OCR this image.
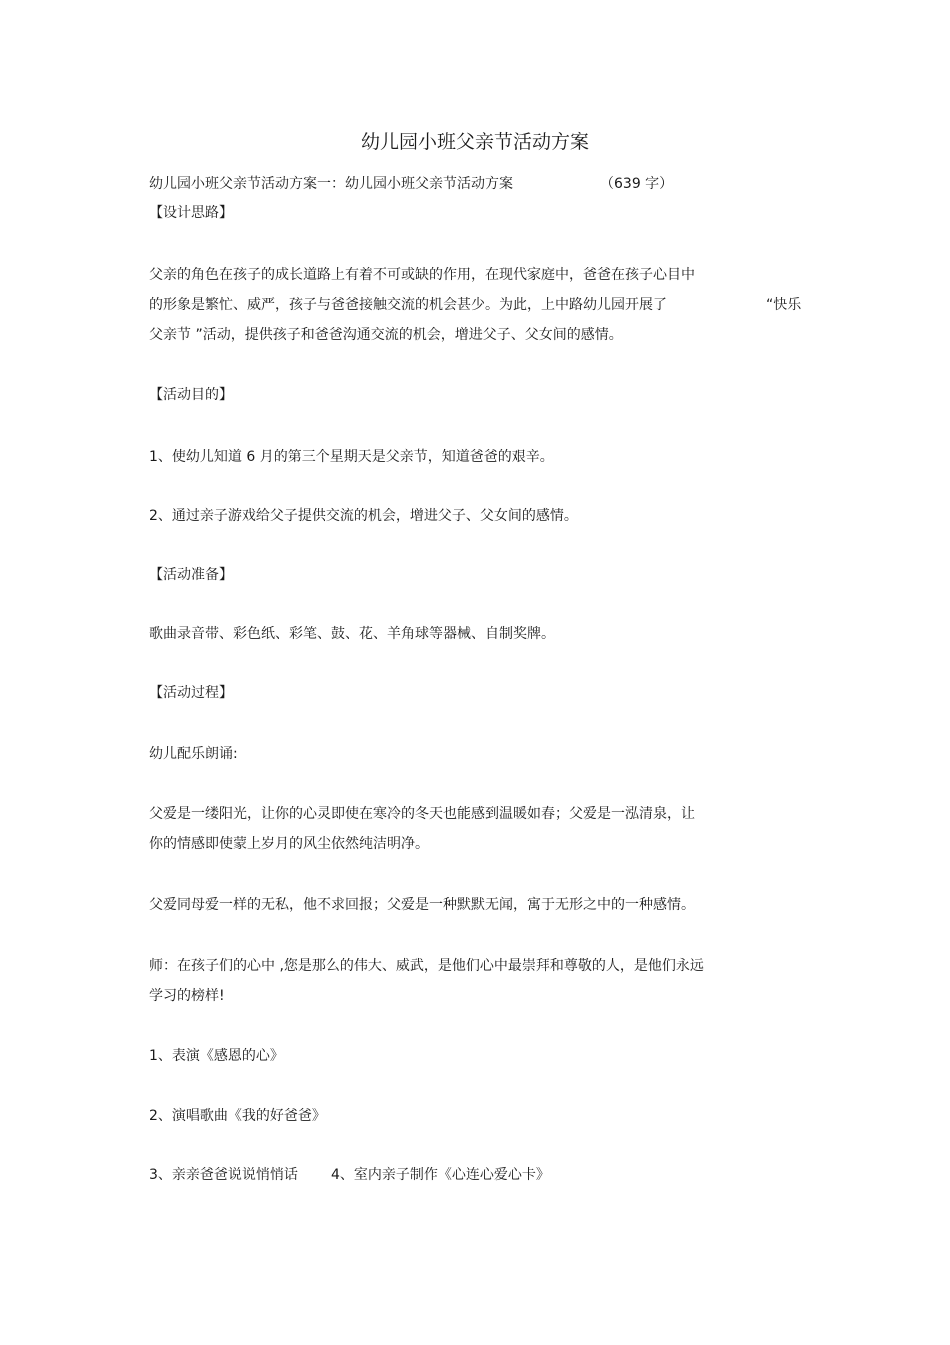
幼儿园小班父亲节活动方案
幼儿园小班父亲节活动方案一：幼儿园小班父亲节活动方案	（639 字）
【设计思路】
父亲的角色在孩子的成长道路上有着不可或缺的作用，在现代家庭中，爸爸在孩子心目中
的形象是繁忙、威严，孩子与爸爸接触交流的机会甚少。为此，上中路幼儿园开展了	“快乐
父亲节 ”活动，提供孩子和爸爸沟通交流的机会，增进父子、父女间的感情。
【活动目的】
1、使幼儿知道 6 月的第三个星期天是父亲节，知道爸爸的艰辛。
2、通过亲子游戏给父子提供交流的机会，增进父子、父女间的感情。
【活动准备】
歌曲录音带、彩色纸、彩笔、鼓、花、羊角球等器械、自制奖牌。
【活动过程】
幼儿配乐朗诵:
父爱是一缕阳光，让你的心灵即使在寒冷的冬天也能感到温暖如春；父爱是一泓清泉，让
你的情感即使蒙上岁月的风尘依然纯洁明净。
父爱同母爱一样的无私，他不求回报；父爱是一种默默无闻，寓于无形之中的一种感情。
师：在孩子们的心中 ,您是那么的伟大、威武，是他们心中最崇拜和尊敬的人，是他们永远
学习的榜样!
1、表演《感恩的心》
2、演唱歌曲《我的好爸爸》
3、亲亲爸爸说说悄悄话 4、室内亲子制作《心连心爱心卡》
